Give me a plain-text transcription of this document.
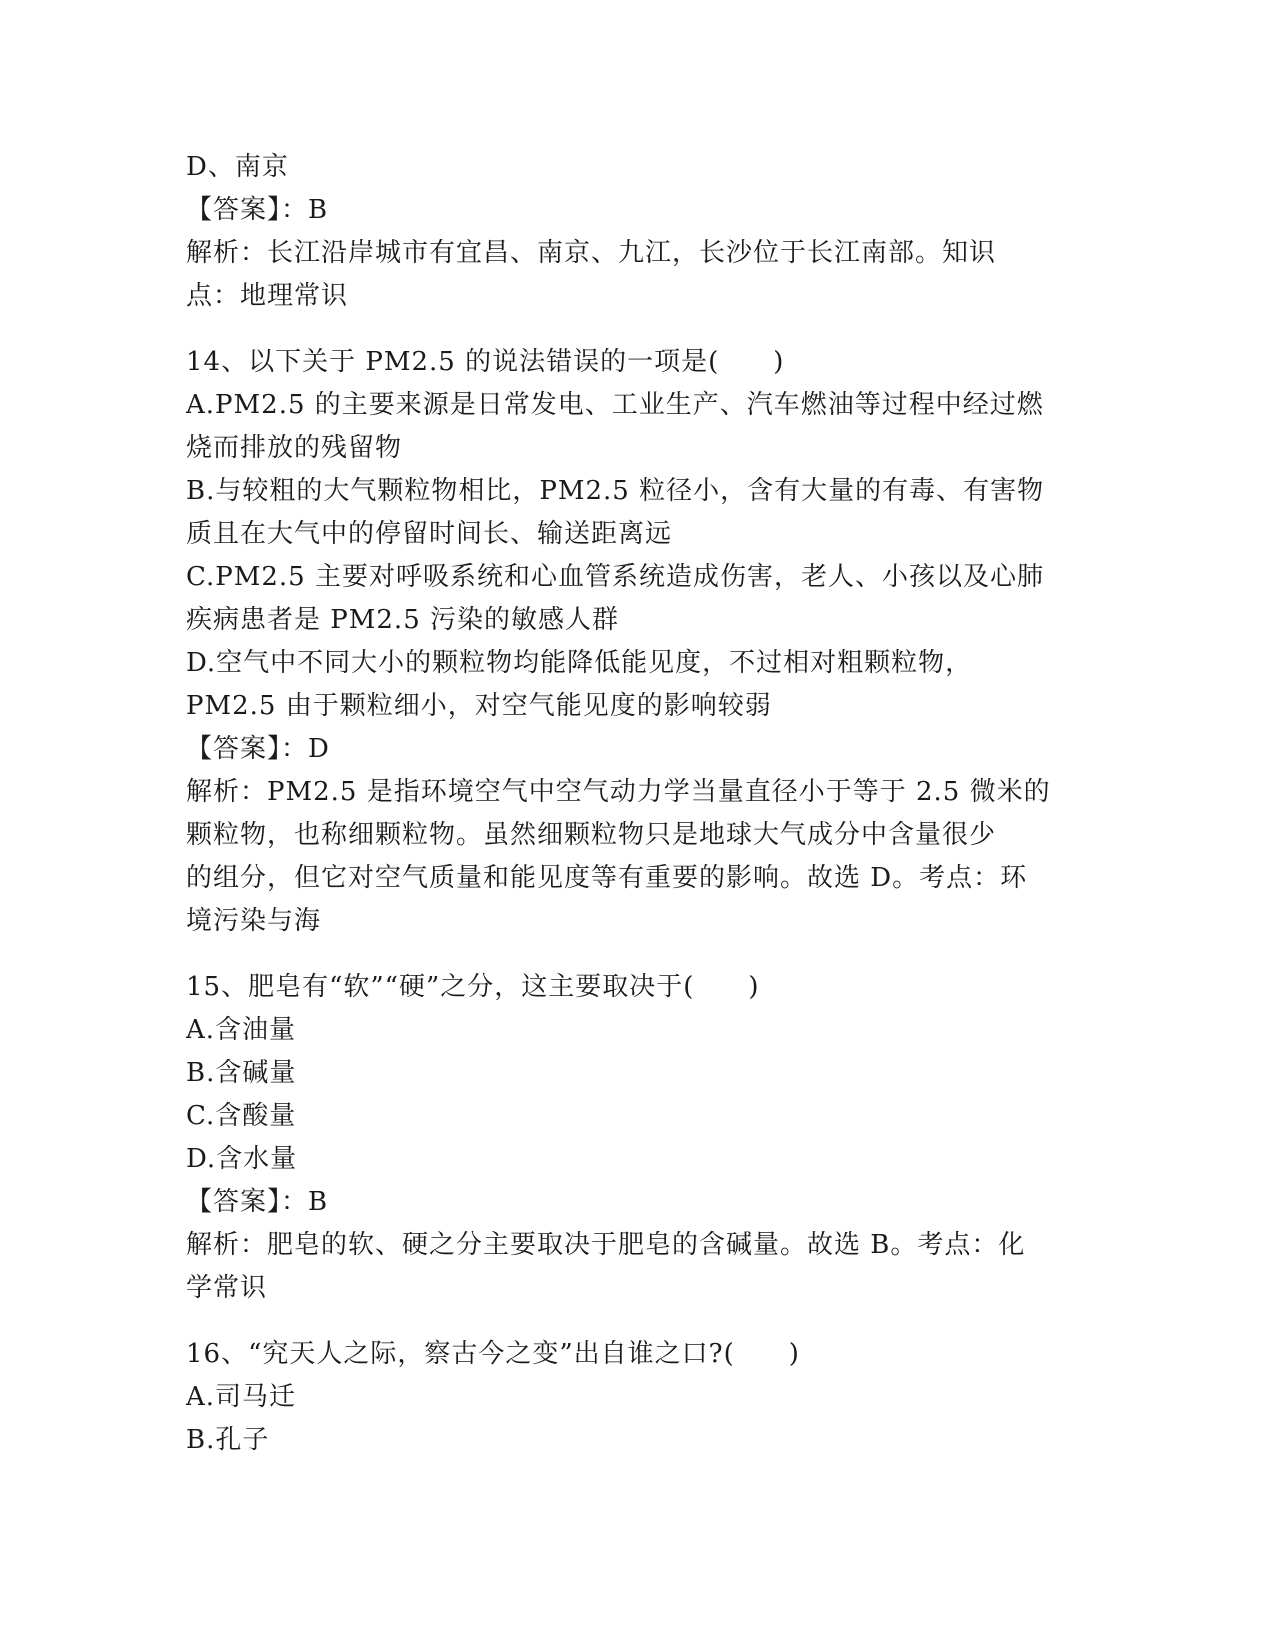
D、南京
【答案】：B
解析：长江沿岸城市有宜昌、南京、九江，长沙位于长江南部。知识
点：地理常识
14、以下关于 PM2.5 的说法错误的一项是(　　)
A.PM2.5 的主要来源是日常发电、工业生产、汽车燃油等过程中经过燃
烧而排放的残留物
B.与较粗的大气颗粒物相比，PM2.5 粒径小，含有大量的有毒、有害物
质且在大气中的停留时间长、输送距离远
C.PM2.5 主要对呼吸系统和心血管系统造成伤害，老人、小孩以及心肺
疾病患者是 PM2.5 污染的敏感人群
D.空气中不同大小的颗粒物均能降低能见度，不过相对粗颗粒物，
PM2.5 由于颗粒细小，对空气能见度的影响较弱
【答案】：D
解析：PM2.5 是指环境空气中空气动力学当量直径小于等于 2.5 微米的
颗粒物，也称细颗粒物。虽然细颗粒物只是地球大气成分中含量很少
的组分，但它对空气质量和能见度等有重要的影响。故选 D。考点：环
境污染与海
15、肥皂有“软”“硬”之分，这主要取决于(　　)
A.含油量
B.含碱量
C.含酸量
D.含水量
【答案】：B
解析：肥皂的软、硬之分主要取决于肥皂的含碱量。故选 B。考点：化
学常识
16、“究天人之际，察古今之变”出自谁之口?(　　)
A.司马迁
B.孔子
